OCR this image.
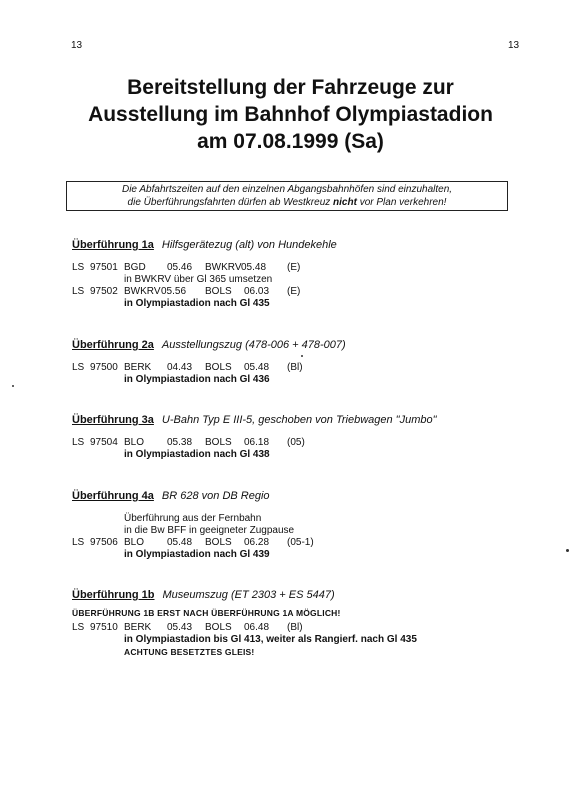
13	13
Bereitstellung der Fahrzeuge zur
Ausstellung im Bahnhof Olympiastadion
am 07.08.1999 (Sa)
Die Abfahrtszeiten auf den einzelnen Abgangsbahnhöfen sind einzuhalten,
die Überführungsfahrten dürfen ab Westkreuz nicht vor Plan verkehren!
Überführung 1a Hilfsgerätezug (alt) von Hundekehle
LS 97501 BGD 05.46 BWKRV 05.48 (E)
in BWKRV über Gl 365 umsetzen
LS 97502 BWKRV 05.56 BOLS 06.03 (E)
in Olympiastadion nach Gl 435
Überführung 2a Ausstellungszug (478-006 + 478-007)
LS 97500 BERK 04.43 BOLS 05.48 (Bl)
in Olympiastadion nach Gl 436
Überführung 3a U-Bahn Typ E III-5, geschoben von Triebwagen "Jumbo"
LS 97504 BLO 05.38 BOLS 06.18 (05)
in Olympiastadion nach Gl 438
Überführung 4a BR 628 von DB Regio
Überführung aus der Fernbahn
in die Bw BFF in geeigneter Zugpause
LS 97506 BLO 05.48 BOLS 06.28 (05-1)
in Olympiastadion nach Gl 439
Überführung 1b Museumszug (ET 2303 + ES 5447)
ÜBERFÜHRUNG 1B ERST NACH ÜBERFÜHRUNG 1A MÖGLICH!
LS 97510 BERK 05.43 BOLS 06.48 (Bl)
in Olympiastadion bis Gl 413, weiter als Rangierf. nach Gl 435
ACHTUNG BESETZTES GLEIS!
